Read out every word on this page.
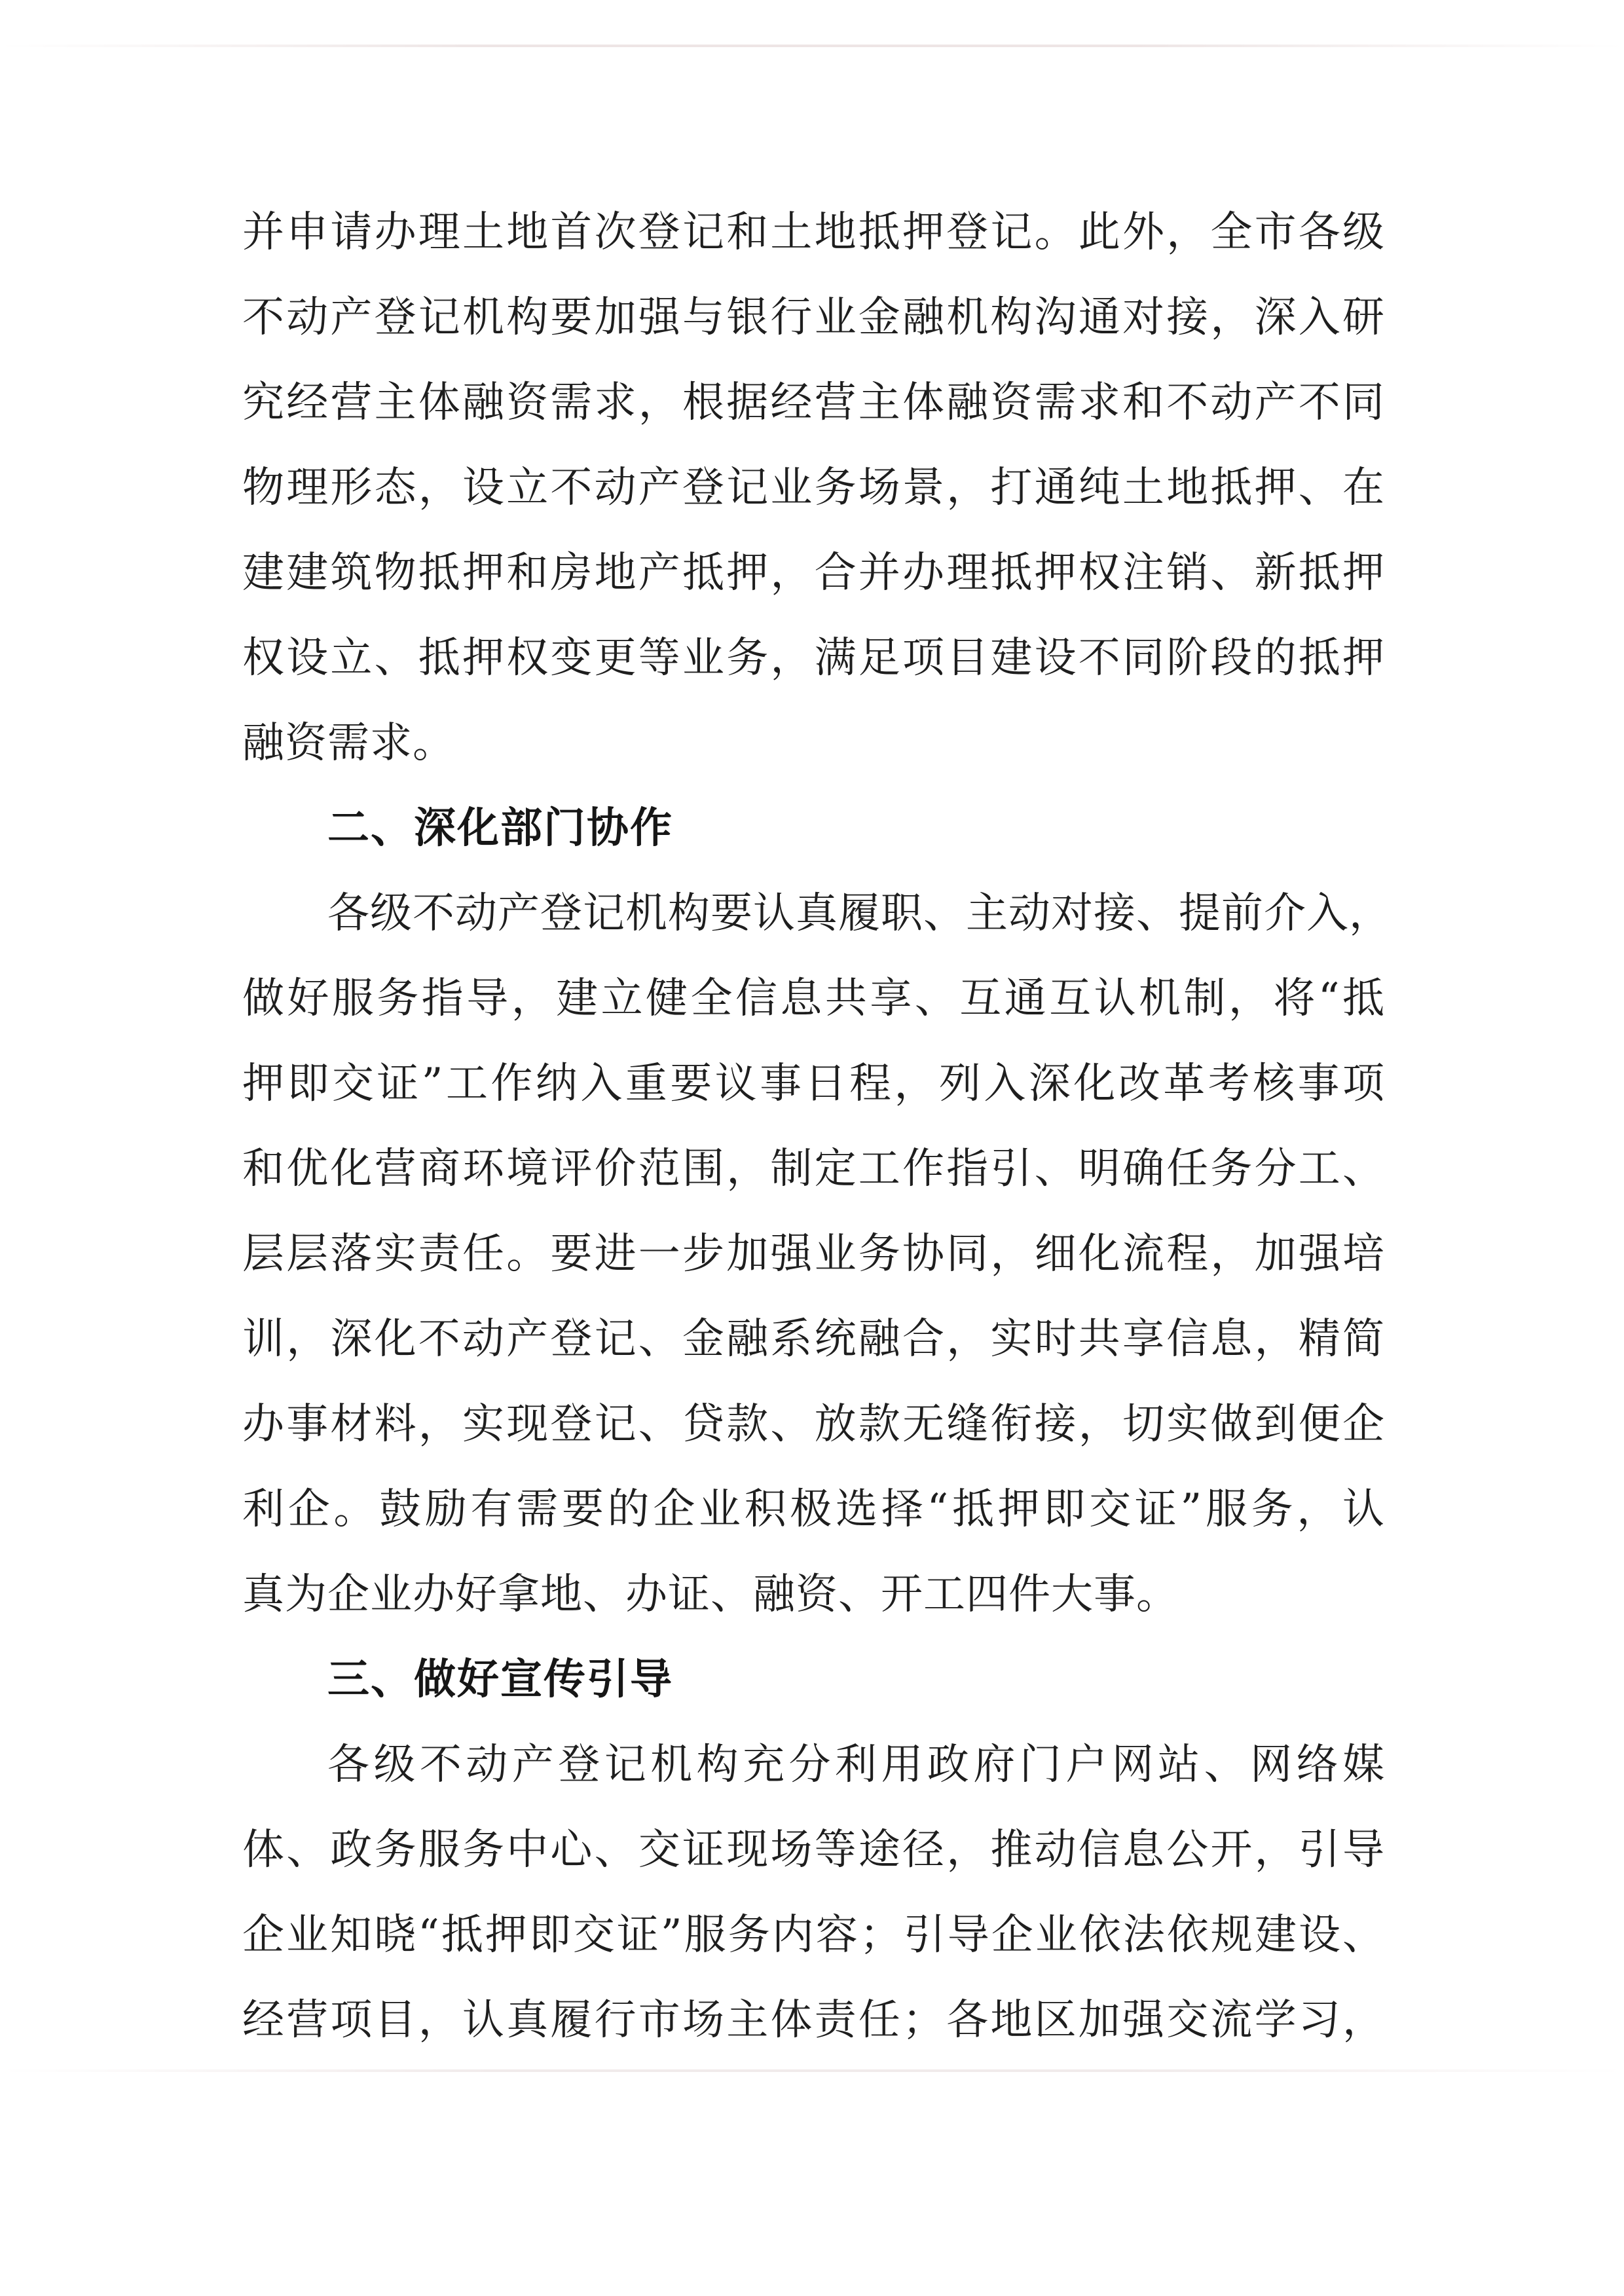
并申请办理土地首次登记和土地抵押登记。此外，全市各级
不动产登记机构要加强与银行业金融机构沟通对接，深入研
究经营主体融资需求，根据经营主体融资需求和不动产不同
物理形态，设立不动产登记业务场景，打通纯土地抵押、在
建建筑物抵押和房地产抵押，合并办理抵押权注销、新抵押
权设立、抵押权变更等业务，满足项目建设不同阶段的抵押
融资需求。
二、深化部门协作
各级不动产登记机构要认真履职、主动对接、提前介入，
做好服务指导，建立健全信息共享、互通互认机制，将“抵
押即交证”工作纳入重要议事日程，列入深化改革考核事项
和优化营商环境评价范围，制定工作指引、明确任务分工、
层层落实责任。要进一步加强业务协同，细化流程，加强培
训，深化不动产登记、金融系统融合，实时共享信息，精简
办事材料，实现登记、贷款、放款无缝衔接，切实做到便企
利企。鼓励有需要的企业积极选择“抵押即交证”服务，认
真为企业办好拿地、办证、融资、开工四件大事。
三、做好宣传引导
各级不动产登记机构充分利用政府门户网站、网络媒
体、政务服务中心、交证现场等途径，推动信息公开，引导
企业知晓“抵押即交证”服务内容；引导企业依法依规建设、
经营项目，认真履行市场主体责任；各地区加强交流学习，
